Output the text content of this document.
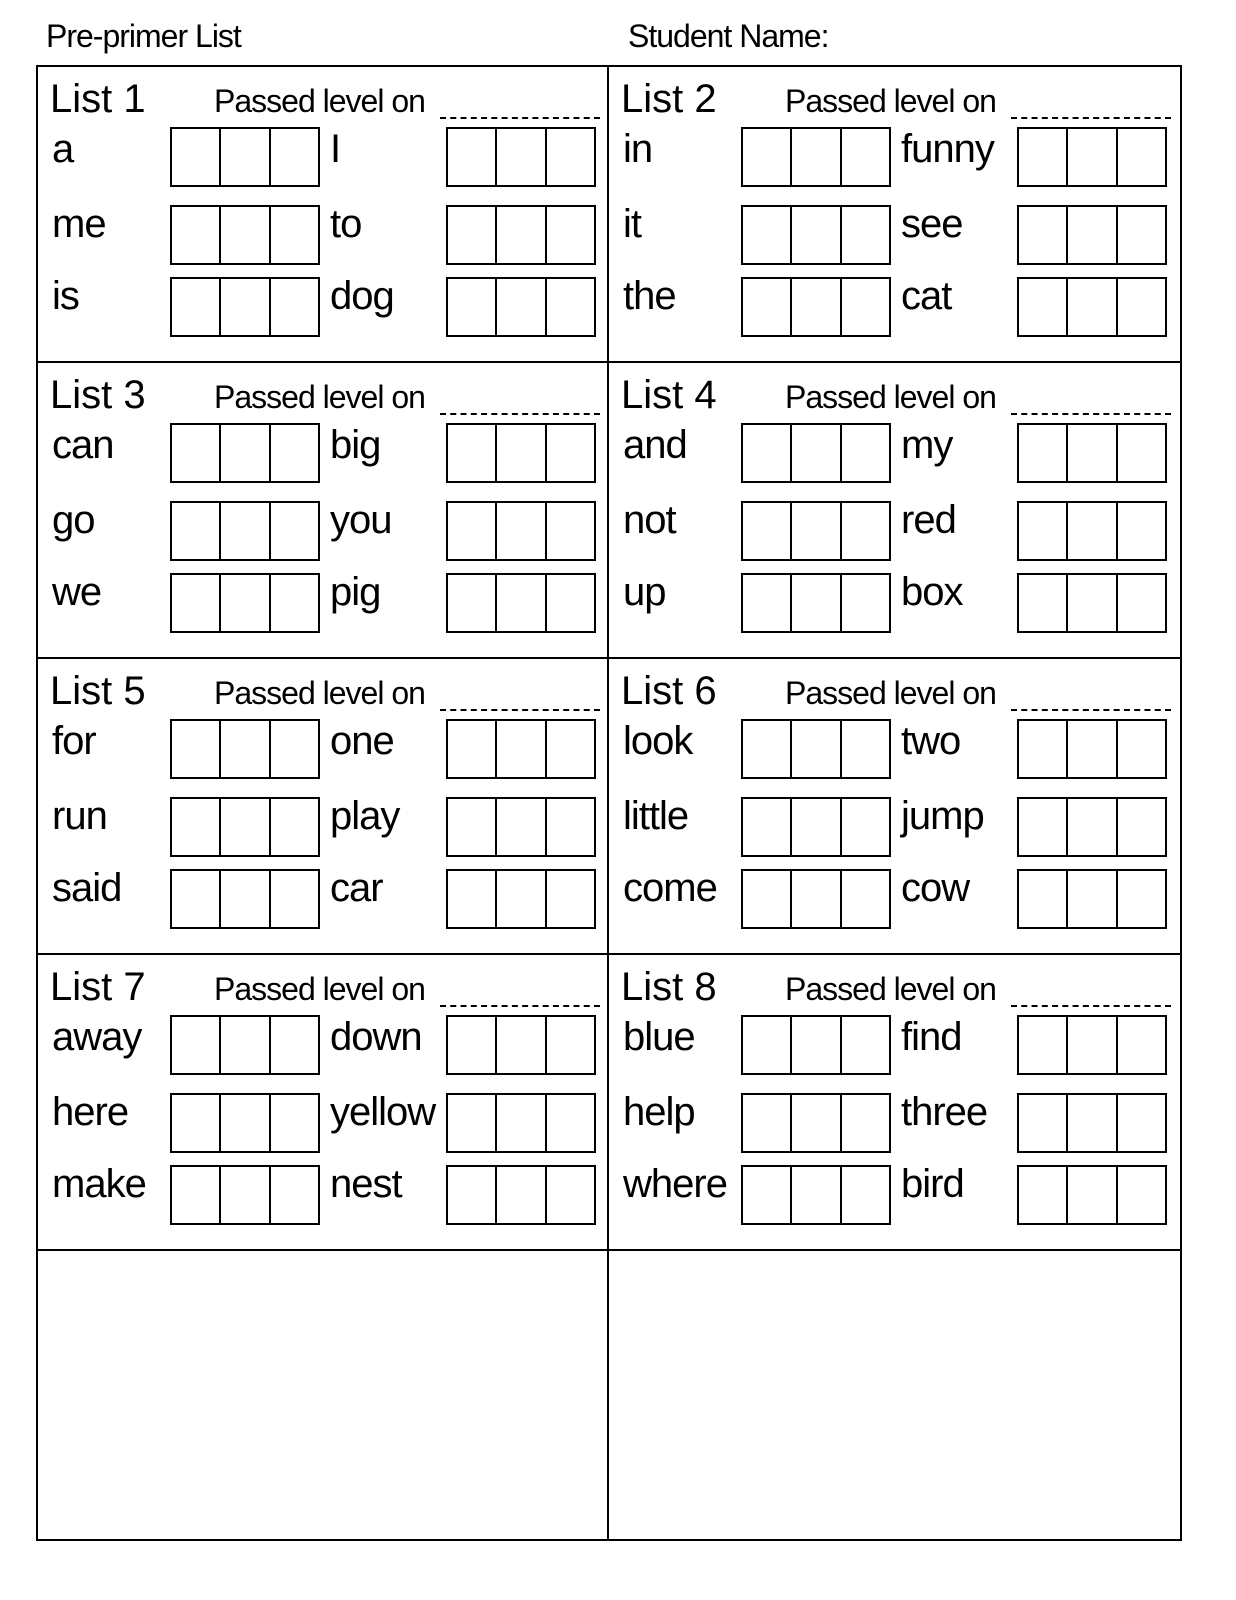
Pre-primer List	Student Name:
List 1 Passed level on
a
me
is
I
to
dog
List 2 Passed level on
in
it
the
funny
see
cat
List 3 Passed level on
can
go
we
big
you
pig
List 4 Passed level on
and
not
up
my
red
box
List 5 Passed level on
for
run
said
one
play
car
List 6 Passed level on
look
little
come
two
jump
cow
List 7 Passed level on
away
here
make
down
yellow
nest
List 8 Passed level on
blue
help
where
find
three
bird
